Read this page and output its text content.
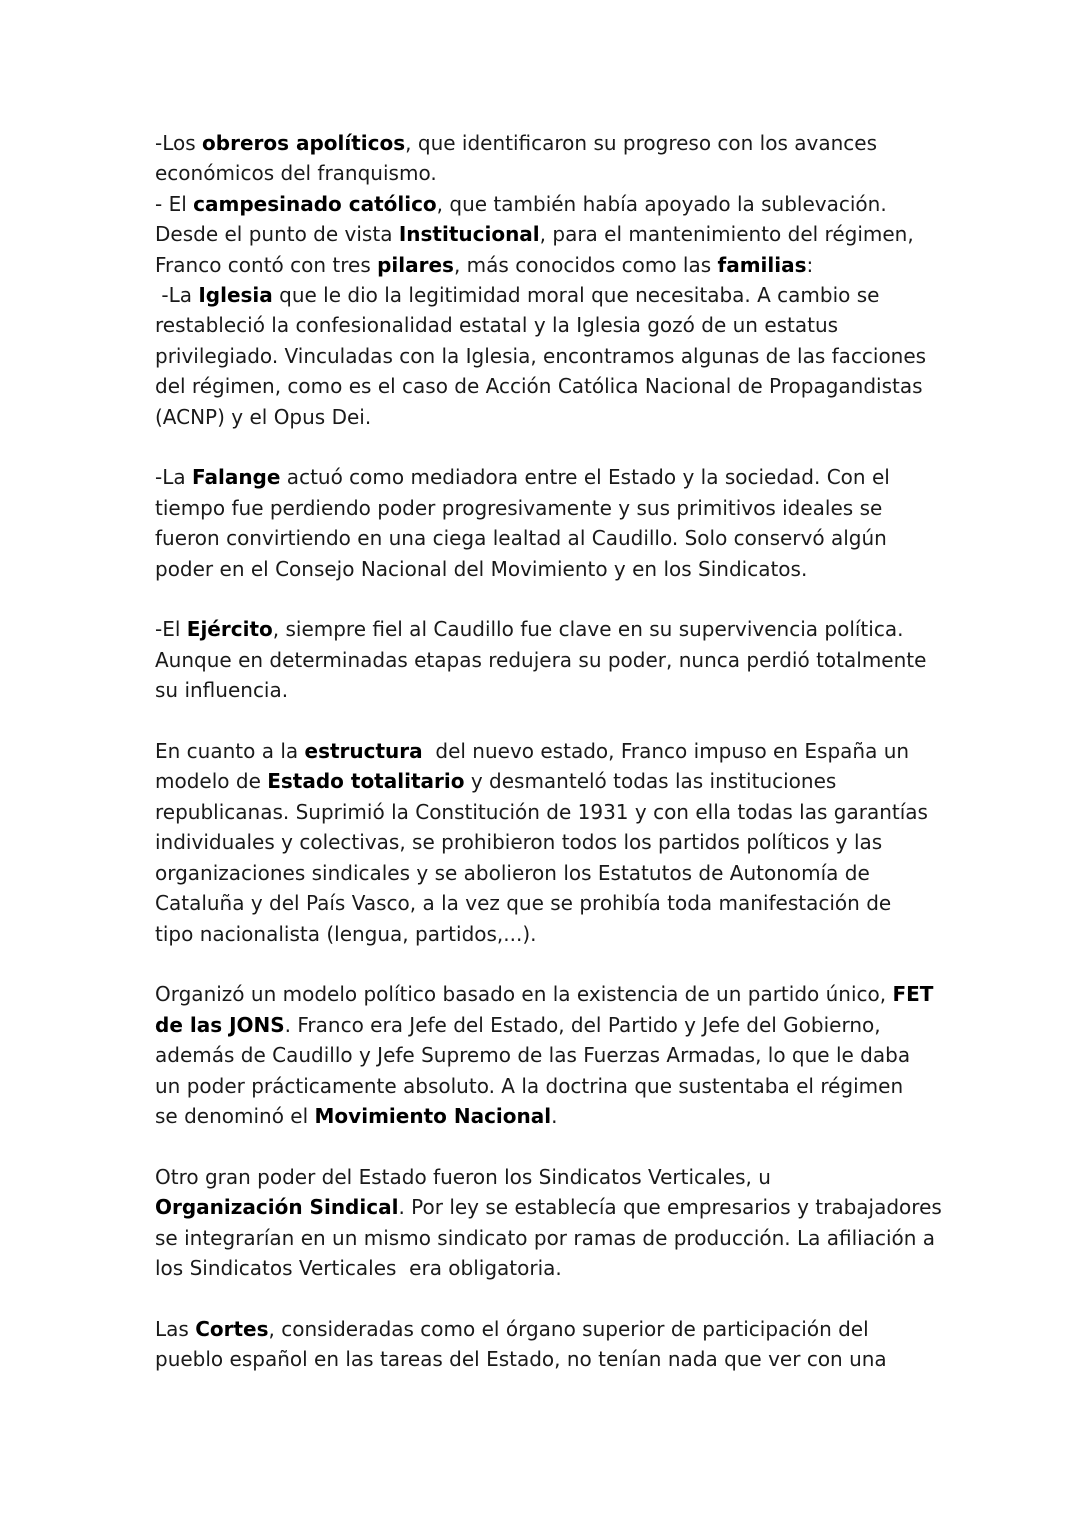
-Los obreros apolíticos, que identificaron su progreso con los avances
económicos del franquismo.
- El campesinado católico, que también había apoyado la sublevación.
Desde el punto de vista Institucional, para el mantenimiento del régimen,
Franco contó con tres pilares, más conocidos como las familias:
-La Iglesia que le dio la legitimidad moral que necesitaba. A cambio se
restableció la confesionalidad estatal y la Iglesia gozó de un estatus
privilegiado. Vinculadas con la Iglesia, encontramos algunas de las facciones
del régimen, como es el caso de Acción Católica Nacional de Propagandistas
(ACNP) y el Opus Dei.
-La Falange actuó como mediadora entre el Estado y la sociedad. Con el
tiempo fue perdiendo poder progresivamente y sus primitivos ideales se
fueron convirtiendo en una ciega lealtad al Caudillo. Solo conservó algún
poder en el Consejo Nacional del Movimiento y en los Sindicatos.
-El Ejército, siempre fiel al Caudillo fue clave en su supervivencia política.
Aunque en determinadas etapas redujera su poder, nunca perdió totalmente
su influencia.
En cuanto a la estructura  del nuevo estado, Franco impuso en España un
modelo de Estado totalitario y desmanteló todas las instituciones
republicanas. Suprimió la Constitución de 1931 y con ella todas las garantías
individuales y colectivas, se prohibieron todos los partidos políticos y las
organizaciones sindicales y se abolieron los Estatutos de Autonomía de
Cataluña y del País Vasco, a la vez que se prohibía toda manifestación de
tipo nacionalista (lengua, partidos,...).
Organizó un modelo político basado en la existencia de un partido único, FET
de las JONS. Franco era Jefe del Estado, del Partido y Jefe del Gobierno,
además de Caudillo y Jefe Supremo de las Fuerzas Armadas, lo que le daba
un poder prácticamente absoluto. A la doctrina que sustentaba el régimen
se denominó el Movimiento Nacional.
Otro gran poder del Estado fueron los Sindicatos Verticales, u
Organización Sindical. Por ley se establecía que empresarios y trabajadores
se integrarían en un mismo sindicato por ramas de producción. La afiliación a
los Sindicatos Verticales  era obligatoria.
Las Cortes, consideradas como el órgano superior de participación del
pueblo español en las tareas del Estado, no tenían nada que ver con una
